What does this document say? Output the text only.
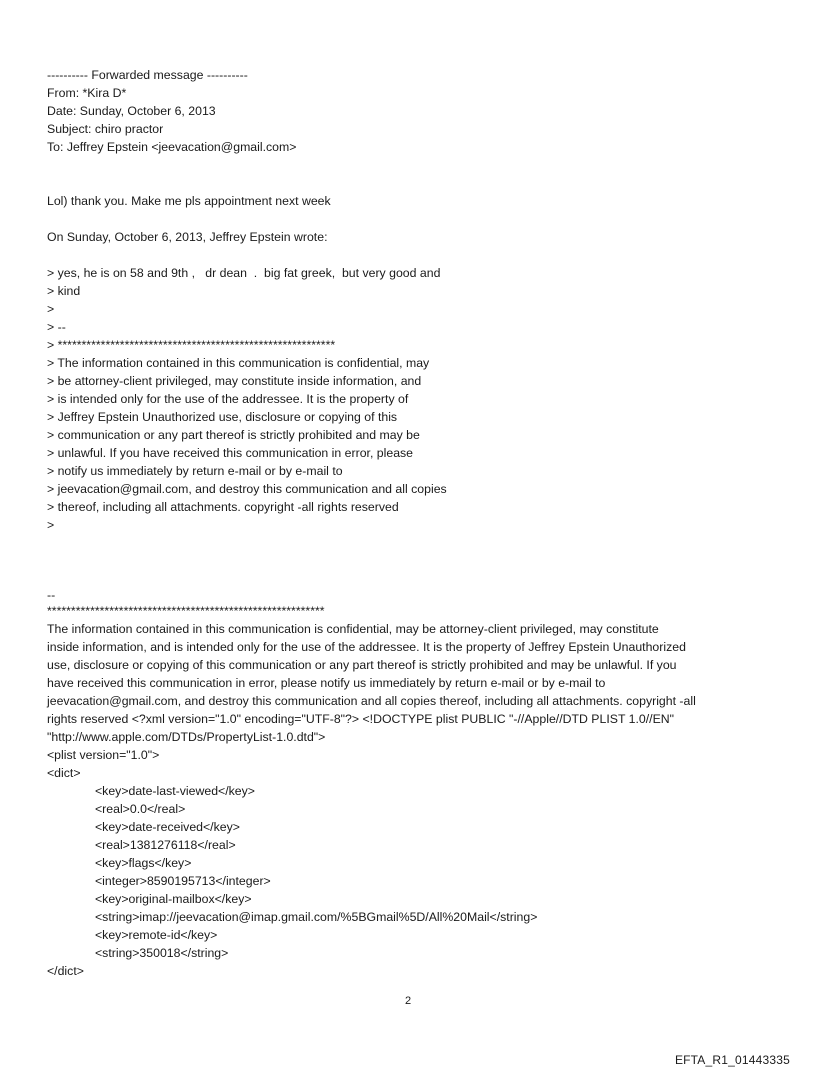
---------- Forwarded message ----------
From: *Kira D*
Date: Sunday, October 6, 2013
Subject: chiro practor
To: Jeffrey Epstein <jeevacation@gmail.com>
Lol) thank you. Make me pls appointment next week
On Sunday, October 6, 2013, Jeffrey Epstein wrote:
> yes, he is on 58 and 9th ,   dr dean  .  big fat greek,  but very good and
> kind
>
> --
> **********************************************************
> The information contained in this communication is confidential, may
> be attorney-client privileged, may constitute inside information, and
> is intended only for the use of the addressee. It is the property of
> Jeffrey Epstein Unauthorized use, disclosure or copying of this
> communication or any part thereof is strictly prohibited and may be
> unlawful. If you have received this communication in error, please
> notify us immediately by return e-mail or by e-mail to
> jeevacation@gmail.com, and destroy this communication and all copies
> thereof, including all attachments. copyright -all rights reserved
>
--
**********************************************************
The information contained in this communication is confidential, may be attorney-client privileged, may constitute
inside information, and is intended only for the use of the addressee. It is the property of Jeffrey Epstein Unauthorized
use, disclosure or copying of this communication or any part thereof is strictly prohibited and may be unlawful. If you
have received this communication in error, please notify us immediately by return e-mail or by e-mail to
jeevacation@gmail.com, and destroy this communication and all copies thereof, including all attachments. copyright -all
rights reserved <?xml version="1.0" encoding="UTF-8"?> <!DOCTYPE plist PUBLIC "-//Apple//DTD PLIST 1.0//EN"
"http://www.apple.com/DTDs/PropertyList-1.0.dtd">
<plist version="1.0">
<dict>
<key>date-last-viewed</key>
<real>0.0</real>
<key>date-received</key>
<real>1381276118</real>
<key>flags</key>
<integer>8590195713</integer>
<key>original-mailbox</key>
<string>imap://jeevacation@imap.gmail.com/%5BGmail%5D/All%20Mail</string>
<key>remote-id</key>
<string>350018</string>
</dict>
2
EFTA_R1_01443335
